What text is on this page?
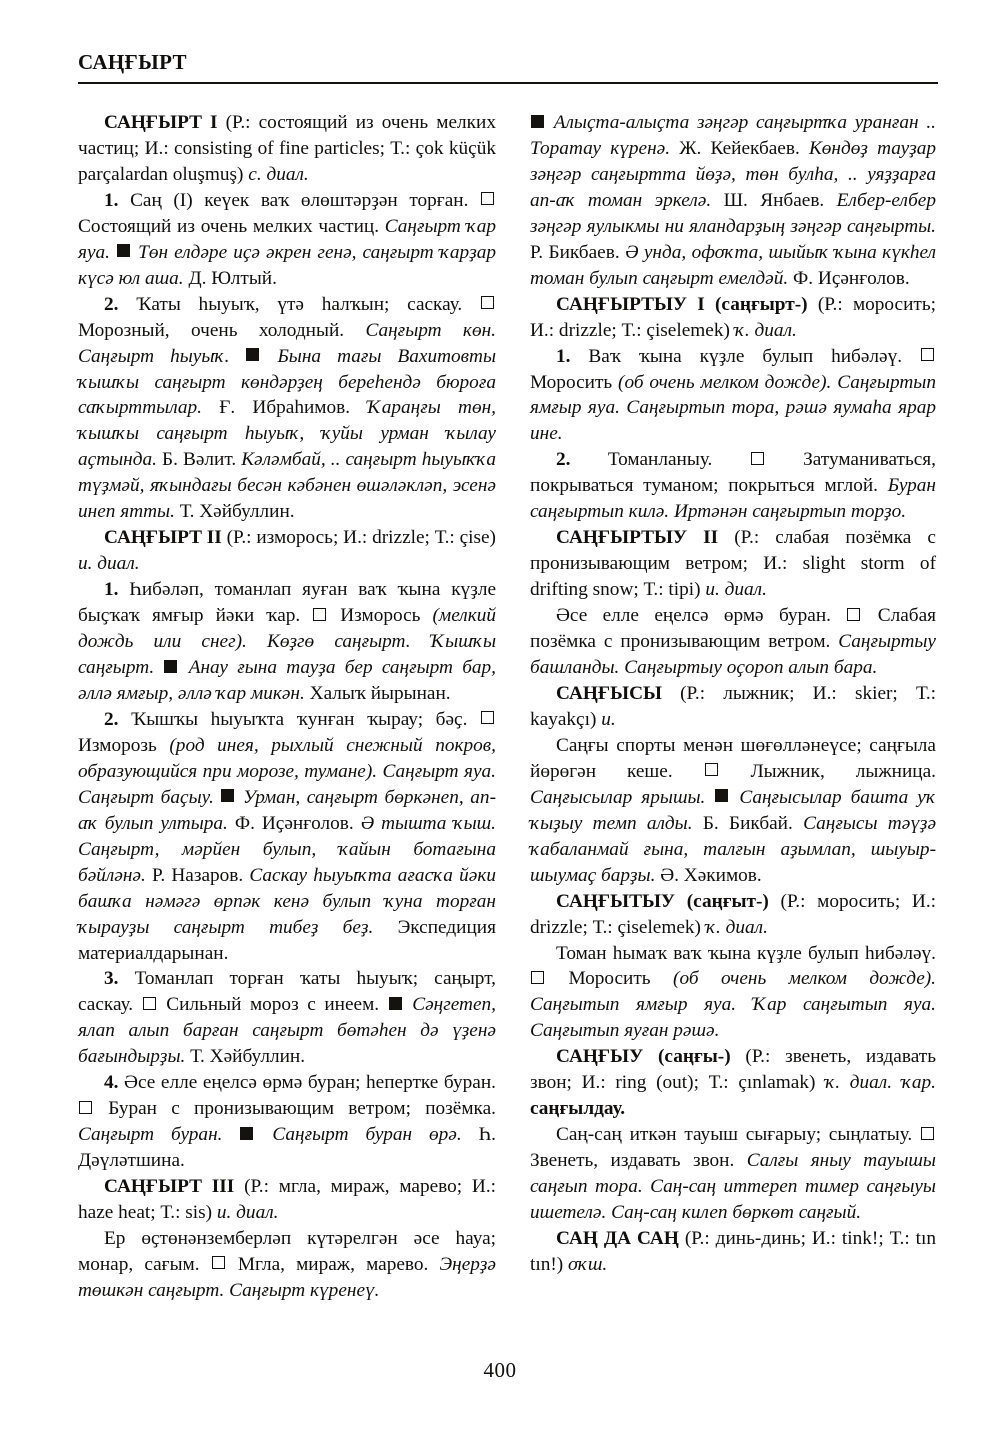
САҢҒЫРТ

САҢҒЫРТ I (Р.: состоящий из очень мелких частиц; И.: consisting of fine particles; Т.: çok küçük parçalardan oluşmuş) с. диал.

1. Саң (I) кеүек ваҡ өлөштәрҙән торған.  Состоящий из очень мелких частиц. Саңғырт ҡар яуа. Төн елдәре иҫә әкрен генә, саңғырт ҡарҙар күсә юл аша. Д. Юлтый.

2. Ҡаты һыуыҡ, үтә һалҡын; саскау.  Морозный, очень холодный. Саңғырт көн. Саңғырт һыуыҡ. Бына тағы Вахитовты ҡышҡы саңғырт көндәрҙең береһендә бюроға саҡырттылар. Ғ. Ибраһимов. Ҡараңғы төн, ҡышҡы саңғырт һыуыҡ, ҡуйы урман ҡылау аҫтында. Б. Вәлит. Кәләмбай, .. саңғырт һыуыҡҡа түҙмәй, яҡындағы бесән кәбәнен өшәләкләп, эсенә инеп ятты. Т. Хәйбуллин.

САҢҒЫРТ II (Р.: изморось; И.: drizzle; Т.: çise) и. диал.

1. Һибәләп, томанлап яуған ваҡ ҡына күҙле быҫҡаҡ ямғыр йәки ҡар. Изморось (мелкий дождь или снег). Көҙгө саңғырт. Ҡышҡы саңғырт. Анау ғына тауҙа бер саңғырт бар, әллә ямғыр, әллә ҡар микән. Халыҡ йырынан.

2. Ҡышҡы һыуыҡта ҡунған ҡырау; бәҫ.  Изморозь (род инея, рыхлый снежный покров, образующийся при морозе, тумане). Саңғырт яуа. Саңғырт баҫыу. Урман, саңғырт бөркәнеп, ап-аҡ булып ултыра. Ф. Иҫәнғолов. Ә тышта ҡыш. Саңғырт, мәрйен булып, ҡайын ботағына бәйләнә. Р. Назаров. Саскау һыуыҡта ағасҡа йәки башҡа нәмәгә өрпәк кенә булып ҡуна торған ҡырауҙы саңғырт тибеҙ беҙ. Экспедиция материалдарынан.

3. Томанлап торған ҡаты һыуыҡ; саңырт, саскау. Сильный мороз с инеем. Сәңгетеп, ялап алып барған саңғырт бөтәһен дә үҙенә бағындырҙы. Т. Хәйбуллин.

4. Әсе елле еңелсә өрмә буран; һепертке буран.  Буран с пронизывающим ветром; позёмка. Саңғырт буран.	Саңғырт буран өрә. Һ. Дәүләтшина.

САҢҒЫРТ III (Р.: мгла, мираж, марево; И.: haze heat; Т.: sis) и. диал.

Ер өҫтөнәнземберләп күтәрелгән әсе һауа; монар, сағым. Мгла, мираж, марево. Эңерҙә төшкән саңғырт. Саңғырт күренеү.

Алыҫта-алыҫта зәңгәр саңғыртҡа уранған .. Торатау күренә. Ж. Кейекбаев. Көндөҙ тауҙар зәңгәр саңғыртта йөҙә, төн булһа, .. уяҙҙарға ап-аҡ томан эркелә. Ш. Янбаев. Елбер-елбер зәңгәр яулыкмы ни яландарҙың зәңгәр саңғырты. Р. Бикбаев. Ә унда, офоҡта, шыйыҡ ҡына күкһел томан булып саңғырт емелдәй. Ф. Иҫәнғолов.

САҢҒЫРТЫУ I (саңғырт-) (Р.: моросить; И.: drizzle; Т.: çiselemek) ҡ. диал.

1. Ваҡ ҡына күҙле булып һибәләү.  Моросить (об очень мелком дожде). Саңғыртып ямғыр яуа. Саңғыртып тора, рәшә яумаһа ярар ине.

2. Томанланыу.	Затуманиваться, покрываться туманом; покрыться мглой. Буран саңғыртып килә. Иртәнән саңғыртып торҙо.

САҢҒЫРТЫУ II (Р.: слабая позёмка с пронизывающим ветром; И.: slight storm of drifting snow; Т.: tipi) и. диал.

Әсе елле еңелсә өрмә буран. Слабая позёмка с пронизывающим ветром. Саңғыртыу башланды. Саңғыртыу оҫороп алып бара.

САҢҒЫСЫ (Р.: лыжник; И.: skier; Т.: kayakçı) и.

Саңғы спорты менән шөғөлләнеүсе; саңғыла йөрөгән кеше.	Лыжник, лыжница. Саңғысылар ярышы. Саңғысылар башта уҡ ҡыҙыу темп алды. Б. Бикбай. Саңғысы тәүҙә ҡабаланмай ғына, талғын аҙымлап, шыуыр-шыумаҫ барҙы. Ә. Хәкимов.

САҢҒЫТЫУ (саңғыт-) (Р.: моросить; И.: drizzle; Т.: çiselemek) ҡ. диал.

Томан һымаҡ ваҡ ҡына күҙле булып һибәләү.  Моросить (об очень мелком дожде). Саңғытып ямғыр яуа. Ҡар саңғытып яуа. Саңғытып яуған рәшә.

САҢҒЫУ (саңғы-) (Р.: звенеть, издавать звон; И.: ring (out); Т.: çınlamak) ҡ. диал. ҡар. саңғылдау.

Саң-саң иткән тауыш сығарыу; сыңлатыу.  Звенеть, издавать звон. Салғы яныу тауышы саңғып тора. Саң-саң иттереп тимер саңғыуы ишетелә. Саң-саң килеп бөркөт саңғый.

САҢ ДА САҢ (Р.: динь-динь; И.: tink!; Т.: tın tın!) оҡш.

400
